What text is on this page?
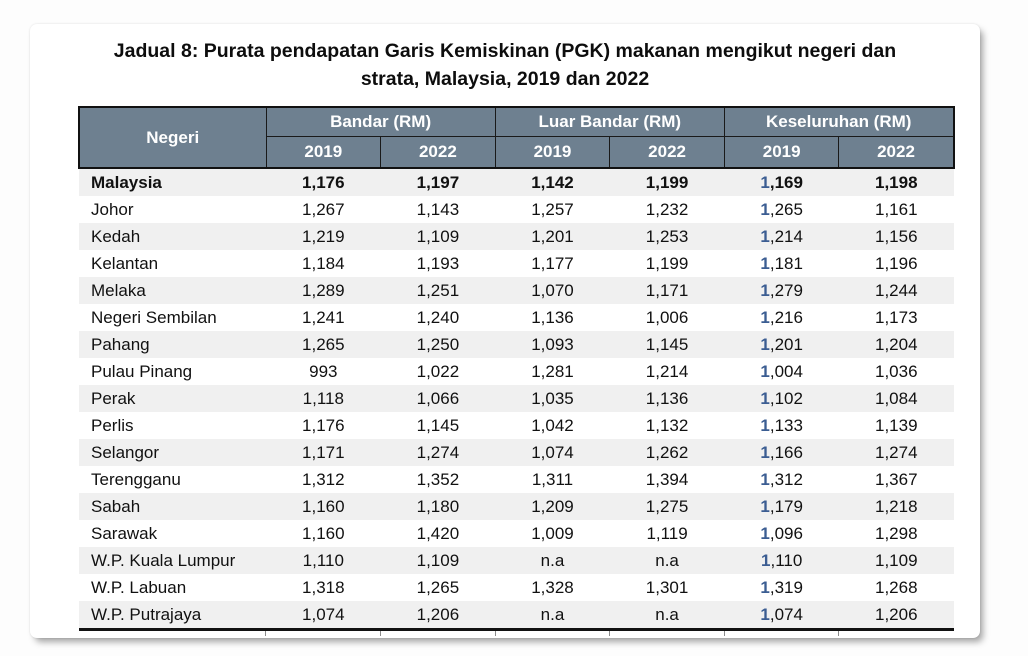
Jadual 8: Purata pendapatan Garis Kemiskinan (PGK) makanan mengikut negeri dan
strata, Malaysia, 2019 dan 2022
Negeri	Bandar (RM)		Luar Bandar (RM)		Keseluruhan (RM)	
	2019	2022	2019	2022	2019	2022
Malaysia	1,176	1,197	1,142	1,199	1,169	1,198
Johor	1,267	1,143	1,257	1,232	1,265	1,161
Kedah	1,219	1,109	1,201	1,253	1,214	1,156
Kelantan	1,184	1,193	1,177	1,199	1,181	1,196
Melaka	1,289	1,251	1,070	1,171	1,279	1,244
Negeri Sembilan	1,241	1,240	1,136	1,006	1,216	1,173
Pahang	1,265	1,250	1,093	1,145	1,201	1,204
Pulau Pinang	993	1,022	1,281	1,214	1,004	1,036
Perak	1,118	1,066	1,035	1,136	1,102	1,084
Perlis	1,176	1,145	1,042	1,132	1,133	1,139
Selangor	1,171	1,274	1,074	1,262	1,166	1,274
Terengganu	1,312	1,352	1,311	1,394	1,312	1,367
Sabah	1,160	1,180	1,209	1,275	1,179	1,218
Sarawak	1,160	1,420	1,009	1,119	1,096	1,298
W.P. Kuala Lumpur	1,110	1,109	n.a	n.a	1,110	1,109
W.P. Labuan	1,318	1,265	1,328	1,301	1,319	1,268
W.P. Putrajaya	1,074	1,206	n.a	n.a	1,074	1,206
